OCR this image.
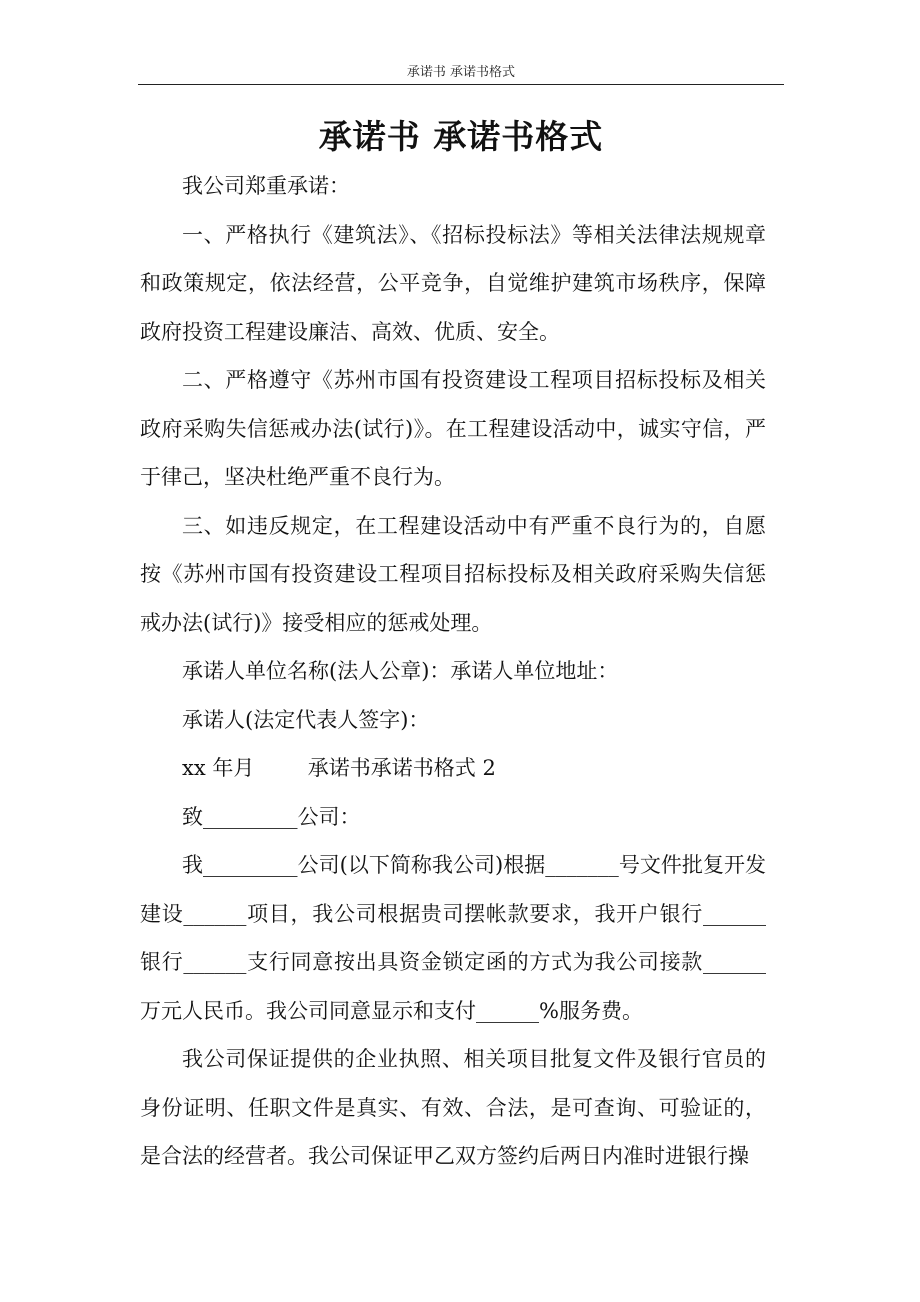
承诺书 承诺书格式
承诺书 承诺书格式

我公司郑重承诺：

一、严格执行《建筑法》、《招标投标法》等相关法律法规规章和政策规定，依法经营，公平竞争，自觉维护建筑市场秩序，保障政府投资工程建设廉洁、高效、优质、安全。

二、严格遵守《苏州市国有投资建设工程项目招标投标及相关政府采购失信惩戒办法(试行)》。在工程建设活动中，诚实守信，严于律己，坚决杜绝严重不良行为。

三、如违反规定，在工程建设活动中有严重不良行为的，自愿按《苏州市国有投资建设工程项目招标投标及相关政府采购失信惩戒办法(试行)》接受相应的惩戒处理。

承诺人单位名称(法人公章)：承诺人单位地址：

承诺人(法定代表人签字)：

xx 年月        承诺书承诺书格式 2

致_________公司：

我_________公司(以下简称我公司)根据_______号文件批复开发建设______项目，我公司根据贵司摆帐款要求，我开户银行______银行______支行同意按出具资金锁定函的方式为我公司接款______万元人民币。我公司同意显示和支付______%服务费。

我公司保证提供的企业执照、相关项目批复文件及银行官员的身份证明、任职文件是真实、有效、合法，是可查询、可验证的，是合法的经营者。我公司保证甲乙双方签约后两日内准时进银行操
